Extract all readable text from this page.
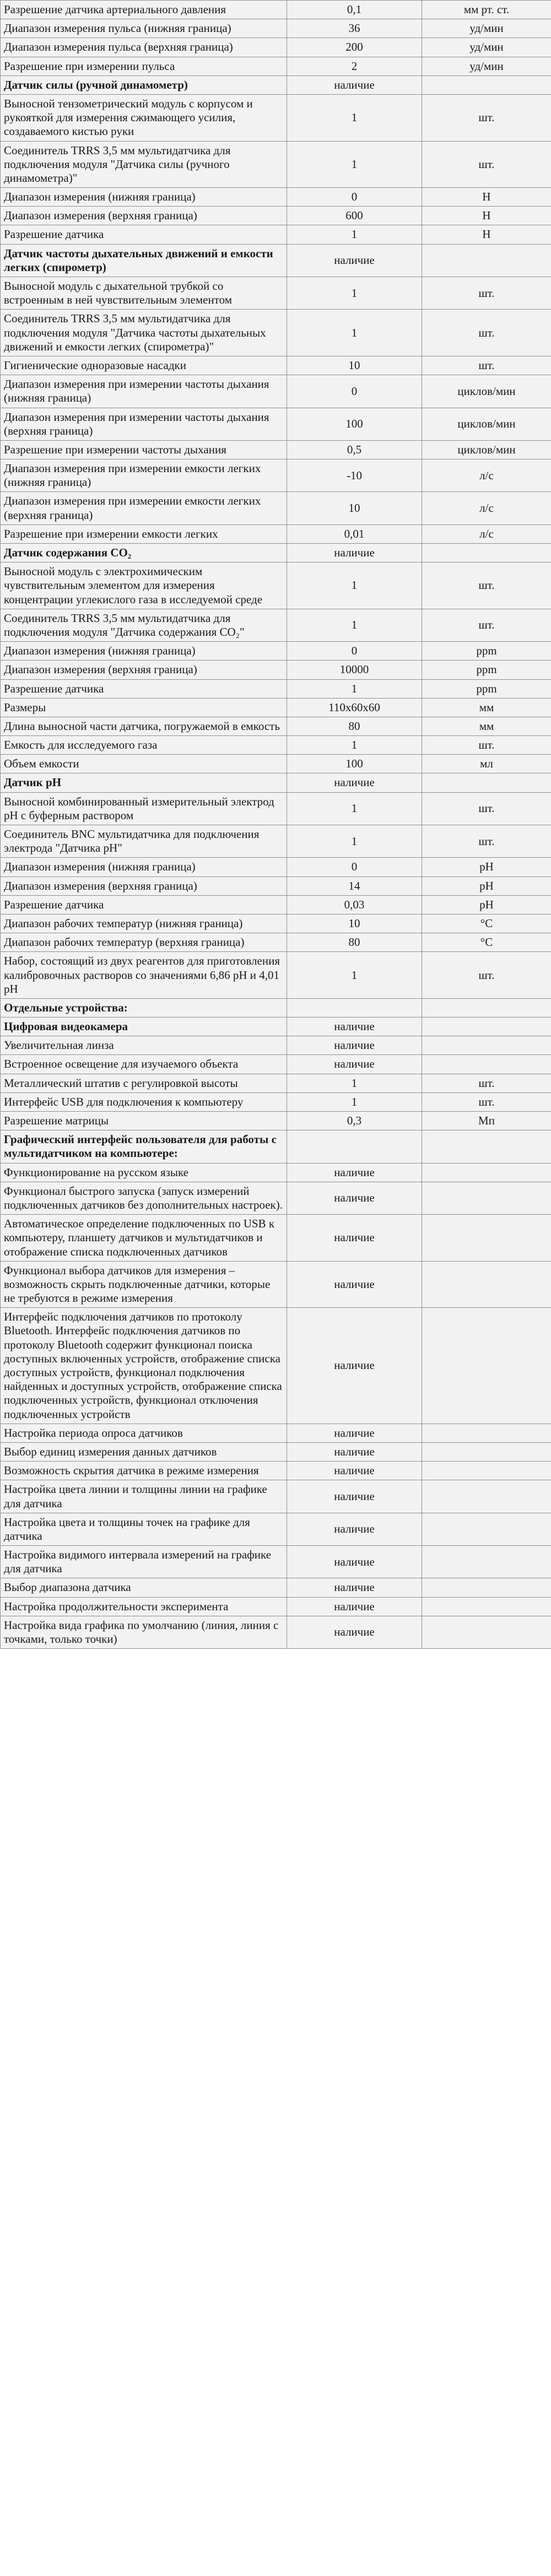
Разрешение датчика артериального давления	0,1	мм рт. ст.
Диапазон измерения пульса (нижняя граница)	36	уд/мин
Диапазон измерения пульса (верхняя граница)	200	уд/мин
Разрешение при измерении пульса	2	уд/мин
Датчик силы (ручной динамометр)	наличие	
Выносной тензометрический модуль с корпусом и рукояткой для измерения сжимающего усилия, создаваемого кистью руки	1	шт.
Соединитель TRRS 3,5 мм мультидатчика для подключения модуля "Датчика силы (ручного динамометра)"	1	шт.
Диапазон измерения (нижняя граница)	0	Н
Диапазон измерения (верхняя граница)	600	Н
Разрешение датчика	1	Н
Датчик частоты дыхательных движений и емкости легких (спирометр)	наличие	
Выносной модуль с дыхательной трубкой со встроенным в ней чувствительным элементом	1	шт.
Соединитель TRRS 3,5 мм мультидатчика для подключения модуля "Датчика частоты дыхательных движений и емкости легких (спирометра)"	1	шт.
Гигиенические одноразовые насадки	10	шт.
Диапазон измерения при измерении частоты дыхания (нижняя граница)	0	циклов/мин
Диапазон измерения при измерении частоты дыхания (верхняя граница)	100	циклов/мин
Разрешение при измерении частоты дыхания	0,5	циклов/мин
Диапазон измерения при измерении емкости легких (нижняя граница)	-10	л/с
Диапазон измерения при измерении емкости легких (верхняя граница)	10	л/с
Разрешение при измерении емкости легких	0,01	л/с
Датчик содержания CO₂	наличие	
Выносной модуль с электрохимическим чувствительным элементом для измерения концентрации углекислого газа в исследуемой среде	1	шт.
Соединитель TRRS 3,5 мм мультидатчика для подключения модуля "Датчика содержания CO₂"	1	шт.
Диапазон измерения (нижняя граница)	0	ppm
Диапазон измерения (верхняя граница)	10000	ppm
Разрешение датчика	1	ppm
Размеры	110х60х60	мм
Длина выносной части датчика, погружаемой в емкость	80	мм
Емкость для исследуемого газа	1	шт.
Объем емкости	100	мл
Датчик pH	наличие	
Выносной комбинированный измерительный электрод pH с буферным раствором	1	шт.
Соединитель BNC мультидатчика для подключения электрода "Датчика pH"	1	шт.
Диапазон измерения (нижняя граница)	0	pH
Диапазон измерения (верхняя граница)	14	pH
Разрешение датчика	0,03	pH
Диапазон рабочих температур (нижняя граница)	10	°C
Диапазон рабочих температур (верхняя граница)	80	°C
Набор, состоящий из двух реагентов для приготовления калибровочных растворов со значениями 6,86 pH и 4,01 pH	1	шт.
Отдельные устройства:		
Цифровая видеокамера	наличие	
Увеличительная линза	наличие	
Встроенное освещение для изучаемого объекта	наличие	
Металлический штатив с регулировкой высоты	1	шт.
Интерфейс USB для подключения к компьютеру	1	шт.
Разрешение матрицы	0,3	Мп
Графический интерфейс пользователя для работы с мультидатчиком на компьютере:		
Функционирование на русском языке	наличие	
Функционал быстрого запуска (запуск измерений подключенных датчиков без дополнительных настроек).	наличие	
Автоматическое определение подключенных по USB к компьютеру, планшету датчиков и мультидатчиков и отображение списка подключенных датчиков	наличие	
Функционал выбора датчиков для измерения – возможность скрыть подключенные датчики, которые не требуются в режиме измерения	наличие	
Интерфейс подключения датчиков по протоколу Bluetooth. Интерфейс подключения датчиков по протоколу Bluetooth содержит функционал поиска доступных включенных устройств, отображение списка доступных устройств, функционал подключения найденных и доступных устройств, отображение списка подключенных устройств, функционал отключения подключенных устройств	наличие	
Настройка периода опроса датчиков	наличие	
Выбор единиц измерения данных датчиков	наличие	
Возможность скрытия датчика в режиме измерения	наличие	
Настройка цвета линии и толщины линии на графике для датчика	наличие	
Настройка цвета и толщины точек на графике для датчика	наличие	
Настройка видимого интервала измерений на графике для датчика	наличие	
Выбор диапазона датчика	наличие	
Настройка продолжительности эксперимента	наличие	
Настройка вида графика по умолчанию (линия, линия с точками, только точки)	наличие	
